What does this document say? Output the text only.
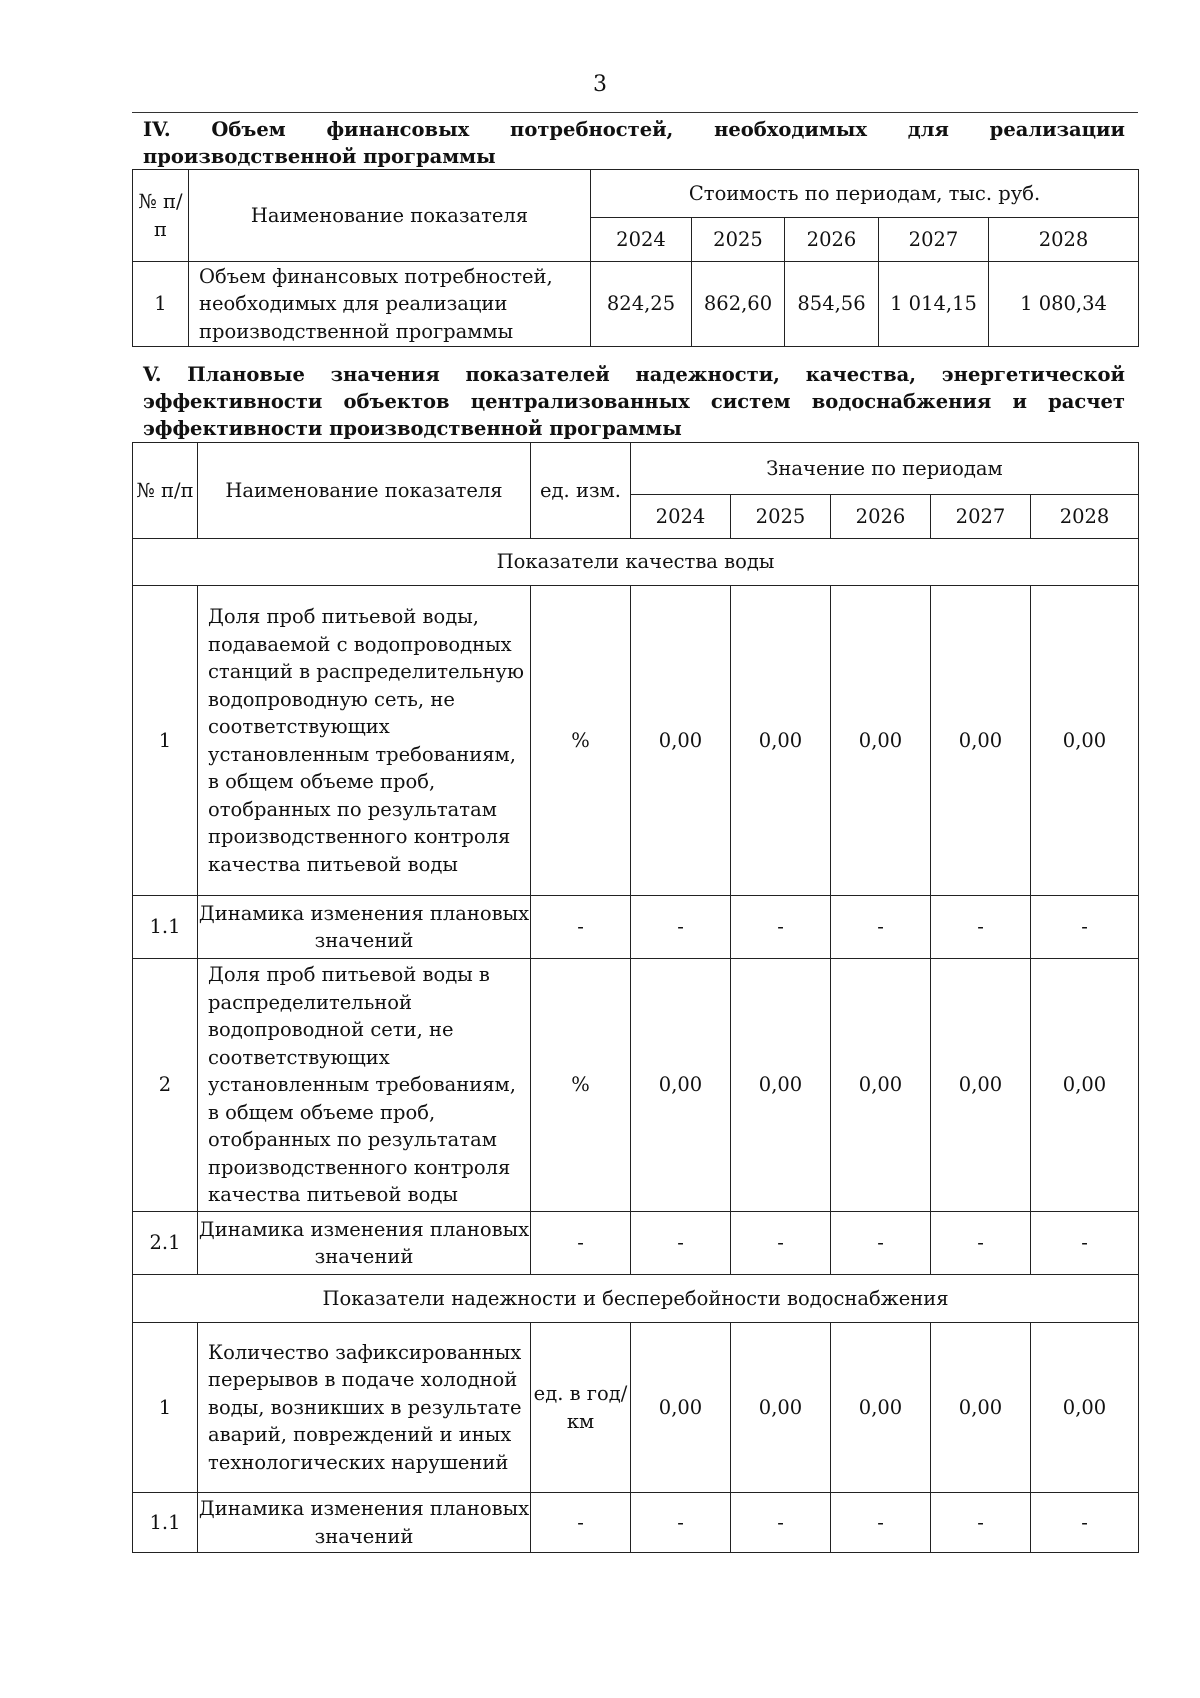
3
IV. Объем финансовых потребностей, необходимых для реализации производственной программы
№ п/п	Наименование показателя	Стоимость по периодам, тыс. руб.				
		2024	2025	2026	2027	2028
1	Объем финансовых потребностей, необходимых для реализации производственной программы	824,25	862,60	854,56	1 014,15	1 080,34
V. Плановые значения показателей надежности, качества, энергетической эффективности объектов централизованных систем водоснабжения и расчет эффективности производственной программы
№ п/п	Наименование показателя	ед. изм.	Значение по периодам				
			2024	2025	2026	2027	2028
Показатели качества воды							
1	Доля проб питьевой воды, подаваемой с водопроводных станций в распределительную водопроводную сеть, не соответствующих установленным требованиям, в общем объеме проб, отобранных по результатам производственного контроля качества питьевой воды	%	0,00	0,00	0,00	0,00	0,00
1.1	Динамика изменения плановых значений	-	-	-	-	-	-
2	Доля проб питьевой воды в распределительной водопроводной сети, не соответствующих установленным требованиям, в общем объеме проб, отобранных по результатам производственного контроля качества питьевой воды	%	0,00	0,00	0,00	0,00	0,00
2.1	Динамика изменения плановых значений	-	-	-	-	-	-
Показатели надежности и бесперебойности водоснабжения							
1	Количество зафиксированных перерывов в подаче холодной воды, возникших в результате аварий, повреждений и иных технологических нарушений	ед. в год/ км	0,00	0,00	0,00	0,00	0,00
1.1	Динамика изменения плановых значений	-	-	-	-	-	-
